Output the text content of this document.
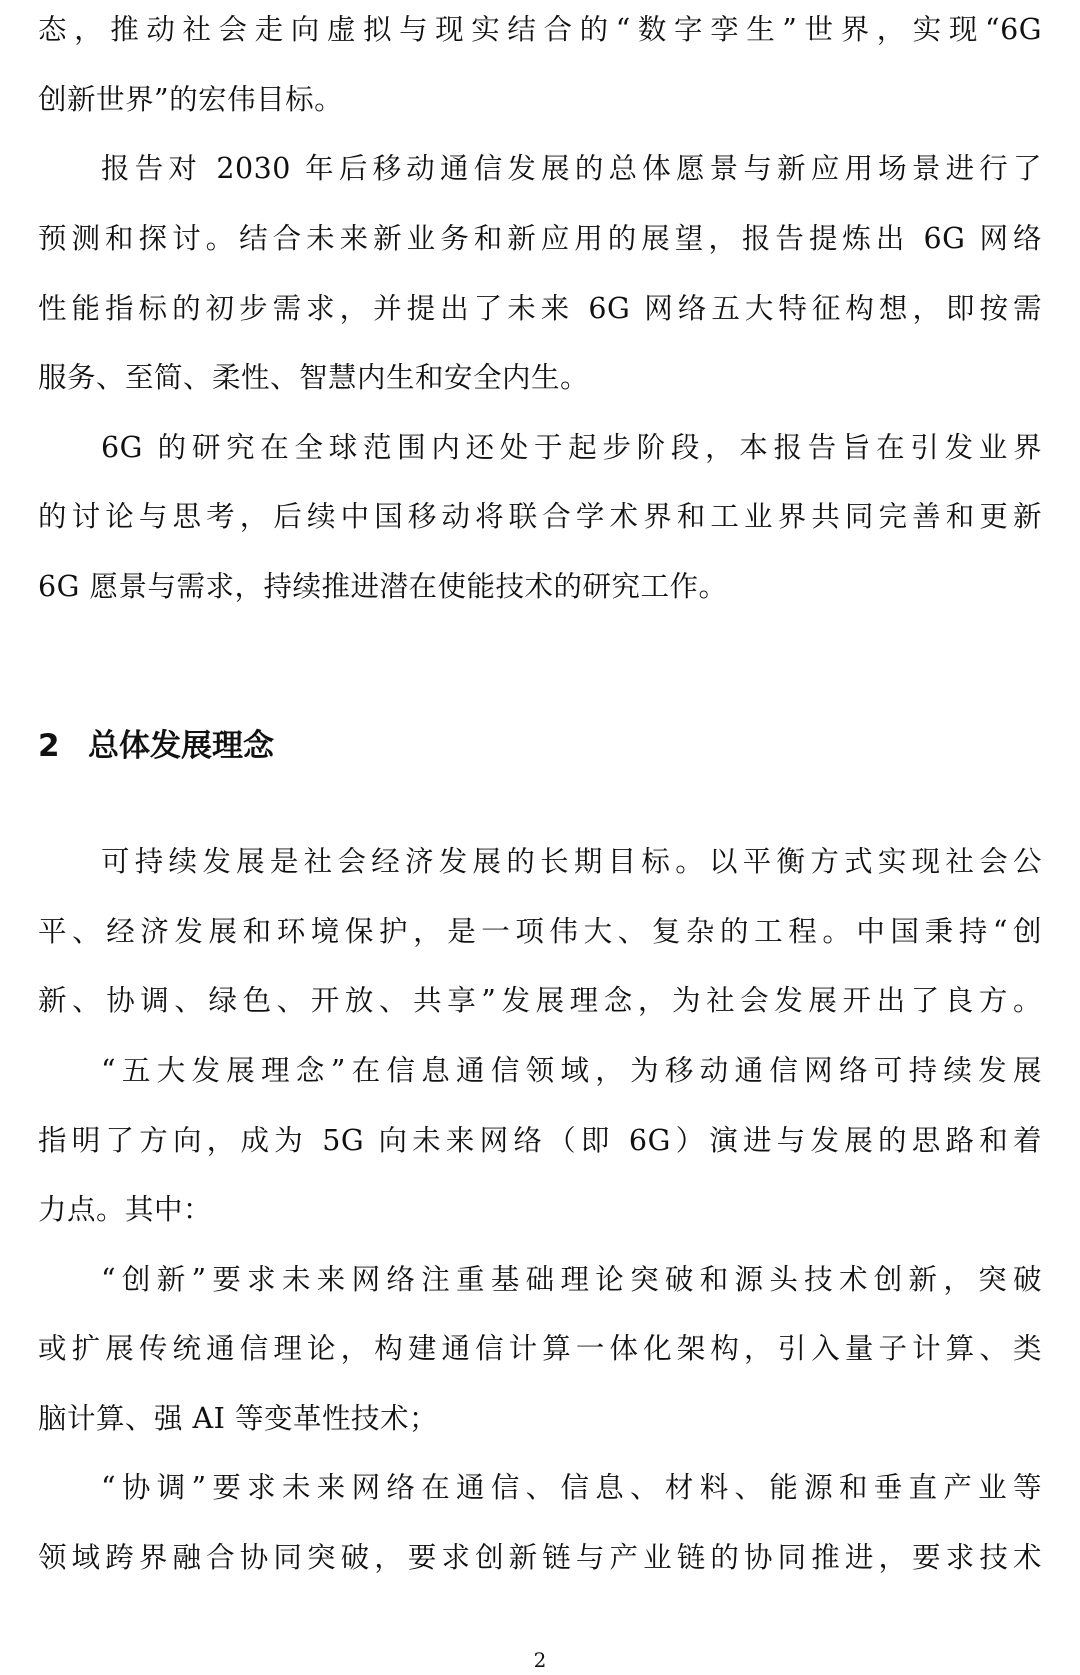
态，推动社会走向虚拟与现实结合的“数字孪生”世界，实现“6G
创新世界”的宏伟目标。
报告对 2030 年后移动通信发展的总体愿景与新应用场景进行了
预测和探讨。结合未来新业务和新应用的展望，报告提炼出 6G 网络
性能指标的初步需求，并提出了未来 6G 网络五大特征构想，即按需
服务、至简、柔性、智慧内生和安全内生。
6G 的研究在全球范围内还处于起步阶段，本报告旨在引发业界
的讨论与思考，后续中国移动将联合学术界和工业界共同完善和更新
6G 愿景与需求，持续推进潜在使能技术的研究工作。
2 总体发展理念
可持续发展是社会经济发展的长期目标。以平衡方式实现社会公
平、经济发展和环境保护，是一项伟大、复杂的工程。中国秉持“创
新、协调、绿色、开放、共享”发展理念，为社会发展开出了良方。
“五大发展理念”在信息通信领域，为移动通信网络可持续发展
指明了方向，成为 5G 向未来网络（即 6G）演进与发展的思路和着
力点。其中：
“创新”要求未来网络注重基础理论突破和源头技术创新，突破
或扩展传统通信理论，构建通信计算一体化架构，引入量子计算、类
脑计算、强 AI 等变革性技术；
“协调”要求未来网络在通信、信息、材料、能源和垂直产业等
领域跨界融合协同突破，要求创新链与产业链的协同推进，要求技术
2
